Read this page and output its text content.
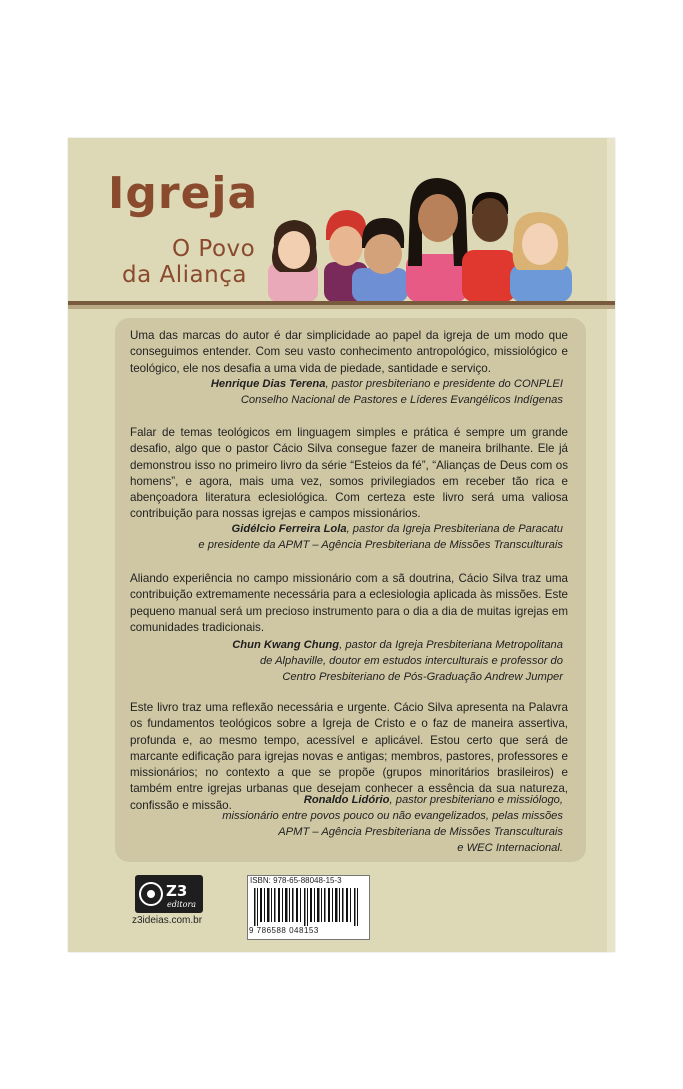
Igreja
O Povo
da Aliança

Uma das marcas do autor é dar simplicidade ao papel da igreja de um modo que conseguimos entender. Com seu vasto conhecimento antropológico, missiológico e teológico, ele nos desafia a uma vida de piedade, santidade e serviço.

Henrique Dias Terena, pastor presbiteriano e presidente do CONPLEI
Conselho Nacional de Pastores e Líderes Evangélicos Indígenas

Falar de temas teológicos em linguagem simples e prática é sempre um grande desafio, algo que o pastor Cácio Silva consegue fazer de maneira brilhante. Ele já demonstrou isso no primeiro livro da série “Esteios da fé”, “Alianças de Deus com os homens”, e agora, mais uma vez, somos privilegiados em receber tão rica e abençoadora literatura eclesiológica. Com certeza este livro será uma valiosa contribuição para nossas igrejas e campos missionários.

Gidélcio Ferreira Lola, pastor da Igreja Presbiteriana de Paracatu
e presidente da APMT – Agência Presbiteriana de Missões Transculturais

Aliando experiência no campo missionário com a sã doutrina, Cácio Silva traz uma contribuição extremamente necessária para a eclesiologia aplicada às missões. Este pequeno manual será um precioso instrumento para o dia a dia de muitas igrejas em comunidades tradicionais.

Chun Kwang Chung, pastor da Igreja Presbiteriana Metropolitana
de Alphaville, doutor em estudos interculturais e professor do
Centro Presbiteriano de Pós-Graduação Andrew Jumper

Este livro traz uma reflexão necessária e urgente. Cácio Silva apresenta na Palavra os fundamentos teológicos sobre a Igreja de Cristo e o faz de maneira assertiva, profunda e, ao mesmo tempo, acessível e aplicável. Estou certo que será de marcante edificação para igrejas novas e antigas; membros, pastores, professores e missionários; no contexto a que se propõe (grupos minoritários brasileiros) e também entre igrejas urbanas que desejam conhecer a essência da sua natureza, confissão e missão.	Ronaldo Lidório, pastor presbiteriano e missiólogo,
missionário entre povos pouco ou não evangelizados, pelas missões
APMT – Agência Presbiteriana de Missões Transculturais
e WEC Internacional.

Z3
editora
z3ideias.com.br
ISBN: 978-65-88048-15-3
9 786588 048153
